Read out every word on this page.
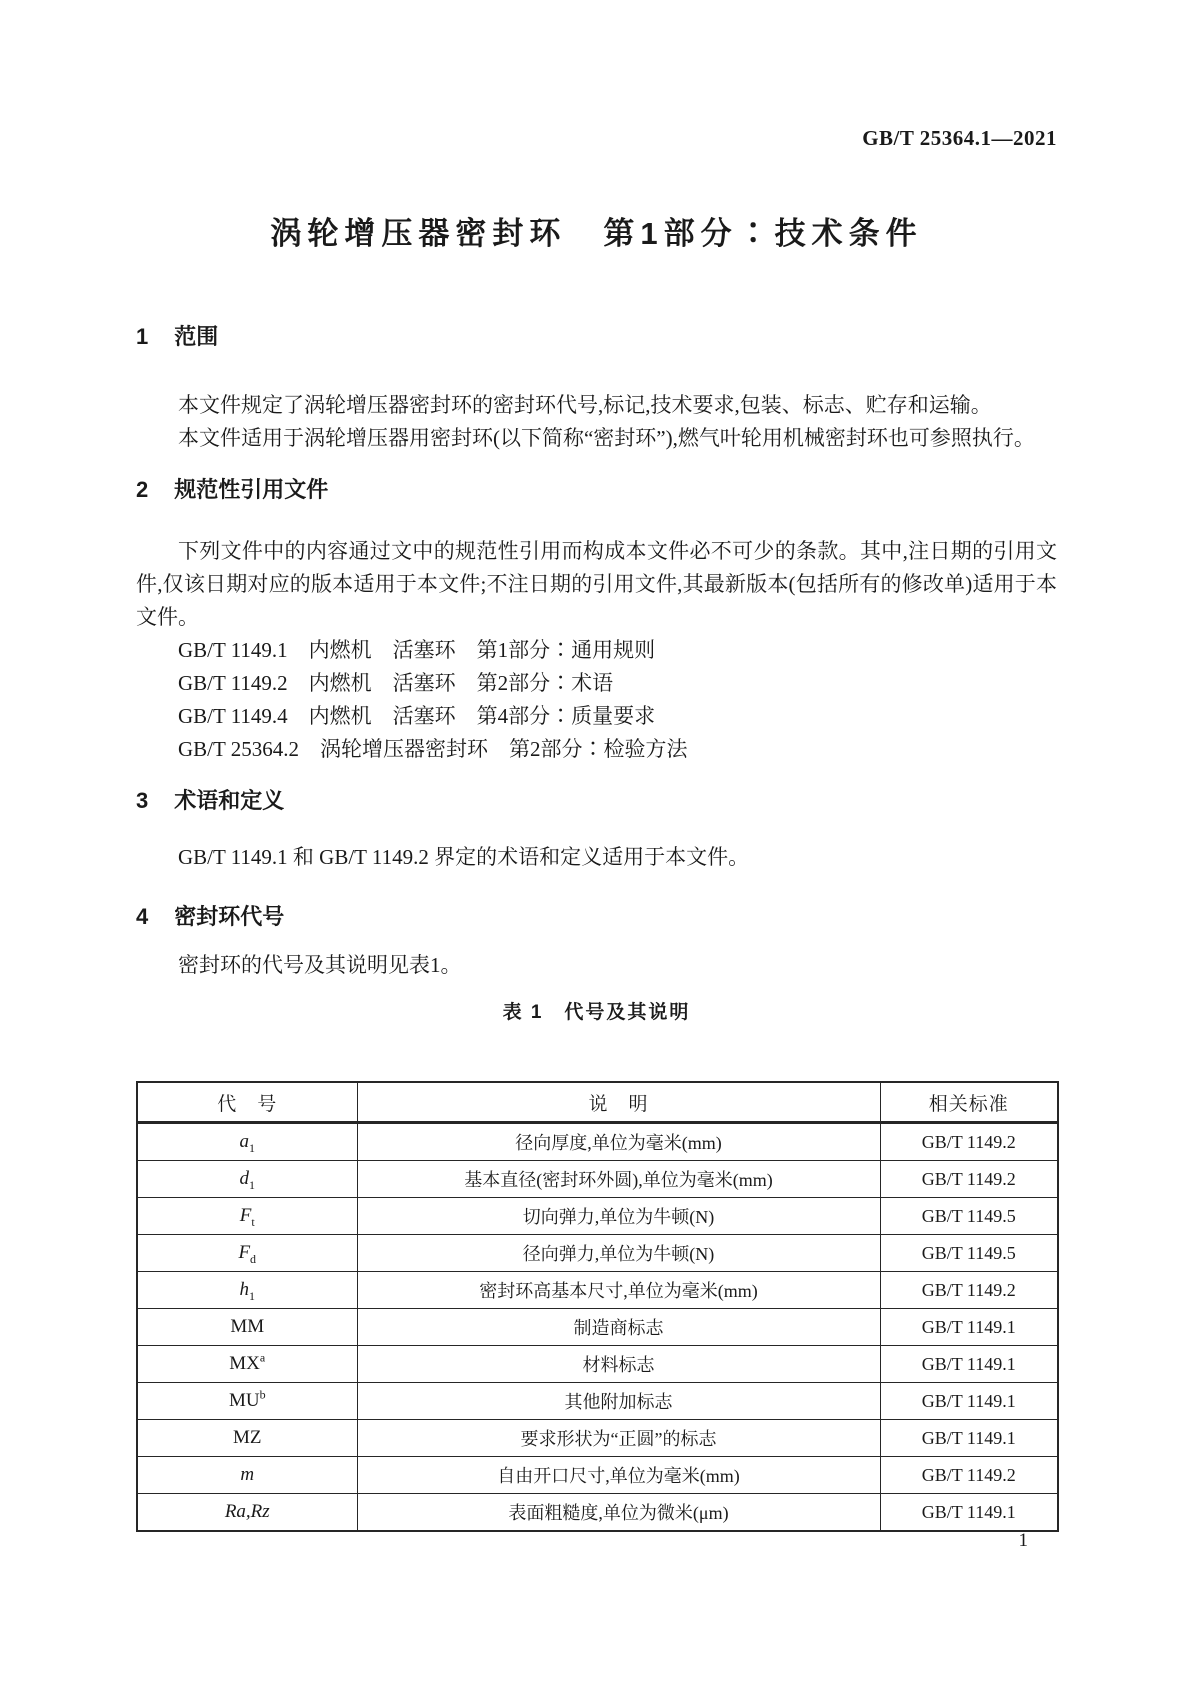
GB/T 25364.1—2021
涡轮增压器密封环　第1部分∶技术条件
1 范围

本文件规定了涡轮增压器密封环的密封环代号,标记,技术要求,包装、标志、贮存和运输。

本文件适用于涡轮增压器用密封环(以下简称“密封环”),燃气叶轮用机械密封环也可参照执行。

2 规范性引用文件

下列文件中的内容通过文中的规范性引用而构成本文件必不可少的条款。其中,注日期的引用文件,仅该日期对应的版本适用于本文件;不注日期的引用文件,其最新版本(包括所有的修改单)适用于本文件。

GB/T 1149.1　内燃机　活塞环　第1部分∶通用规则
GB/T 1149.2　内燃机　活塞环　第2部分∶术语
GB/T 1149.4　内燃机　活塞环　第4部分∶质量要求
GB/T 25364.2　涡轮增压器密封环　第2部分∶检验方法
3 术语和定义

GB/T 1149.1 和 GB/T 1149.2 界定的术语和定义适用于本文件。

4 密封环代号

密封环的代号及其说明见表1。

表 1　代号及其说明
代　号	说　明	相关标准
$a_1$	径向厚度,单位为毫米(mm)	GB/T 1149.2
$d_1$	基本直径(密封环外圆),单位为毫米(mm)	GB/T 1149.2
$F_t$	切向弹力,单位为牛顿(N)	GB/T 1149.5
$F_d$	径向弹力,单位为牛顿(N)	GB/T 1149.5
$h_1$	密封环高基本尺寸,单位为毫米(mm)	GB/T 1149.2
MM	制造商标志	GB/T 1149.1
$MX^a$	材料标志	GB/T 1149.1
$MU^b$	其他附加标志	GB/T 1149.1
MZ	要求形状为“正圆”的标志	GB/T 1149.1
m	自由开口尺寸,单位为毫米(mm)	GB/T 1149.2
Ra,Rz	表面粗糙度,单位为微米(μm)	GB/T 1149.1
1
